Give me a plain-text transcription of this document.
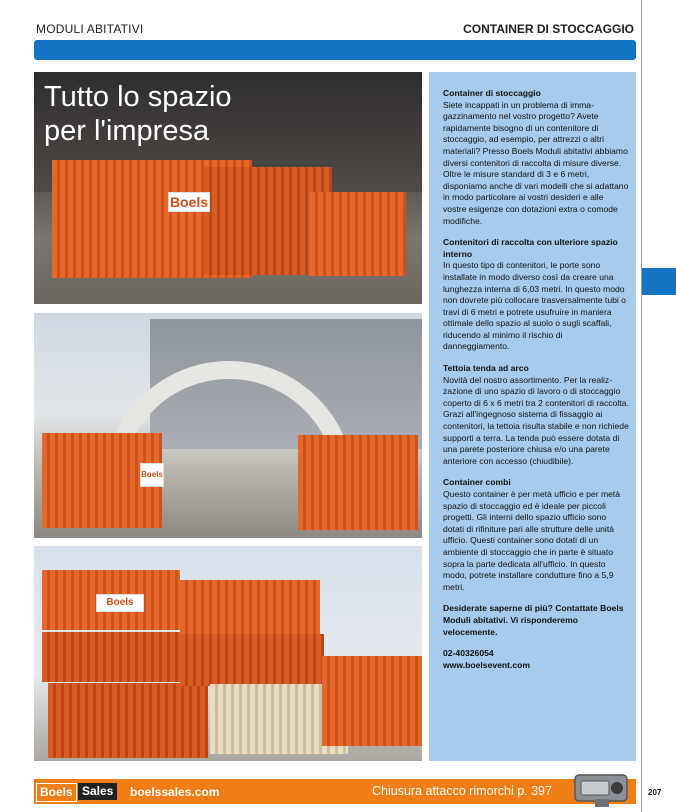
MODULI ABITATIVI	CONTAINER DI STOCCAGGIO
Boels
Tutto lo spazio
per l'impresa
Boels
Boels
Container di stoccaggio

Siete incappati in un problema di imma-gazzinamento nel vostro progetto? Avete rapidamente bisogno di un contenitore di stoccaggio, ad esempio, per attrezzi o altri materiali? Presso Boels Moduli abitativi abbiamo diversi contenitori di raccolta di misure diverse. Oltre le misure standard di 3 e 6 metri, disponiamo anche di vari modelli che si adattano in modo particolare ai vostri desideri e alle vostre esigenze con dotazioni extra o comode modifiche.

Contenitori di raccolta con ulteriore spazio interno

In questo tipo di contenitori, le porte sono installate in modo diverso così da creare una lunghezza interna di 6,03 metri. In questo modo non dovrete più collocare trasversalmente tubi o travi di 6 metri e potrete usufruire in maniera ottimale dello spazio al suolo o sugli scaffali, riducendo al minimo il rischio di danneggiamento.

Tettoia tenda ad arco

Novità del nostro assortimento. Per la realiz-zazione di uno spazio di lavoro o di stoccaggio coperto di 6 x 6 metri tra 2 contenitori di raccolta. Grazi all'ingegnoso sistema di fissaggio ai contenitori, la tettoia risulta stabile e non richiede supporti a terra. La tenda può essere dotata di una parete posteriore chiusa e/o una parete anteriore con accesso (chiudibile).

Container combi

Questo container è per metà ufficio e per metà spazio di stoccaggio ed è ideale per piccoli progetti. Gli interni dello spazio ufficio sono dotati di rifiniture pari alle strutture delle unità ufficio. Questi container sono dotati di un ambiente di stoccaggio che in parte è situato sopra la parte dedicata all'ufficio. In questo modo, potrete installare condutture fino a 5,9 metri.

Desiderate saperne di più? Contattate Boels Moduli abitativi. Vi risponderemo velocemente.

02-40326054
www.boelsevent.com
Boels Sales	boelssales.com	Chiusura attacco rimorchi p. 397	207
